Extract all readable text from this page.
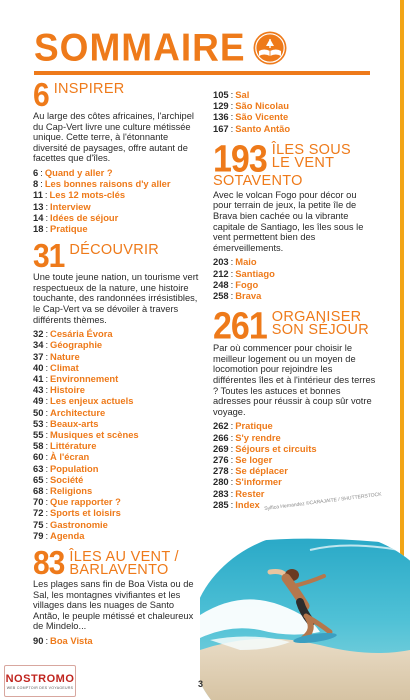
SOMMAIRE
6 INSPIRER
Au large des côtes africaines, l'archipel du Cap-Vert livre une culture métissée unique. Cette terre, à l'étonnante diversité de paysages, offre autant de facettes que d'îles.
6 : Quand y aller ?
8 : Les bonnes raisons d'y aller
11 : Les 12 mots-clés
13 : Interview
14 : Idées de séjour
18 : Pratique
31 DÉCOUVRIR
Une toute jeune nation, un tourisme vert respectueux de la nature, une histoire touchante, des randonnées irrésistibles, le Cap-Vert va se dévoiler à travers différents thèmes.
32 : Cesária Évora
34 : Géographie
37 : Nature
40 : Climat
41 : Environnement
43 : Histoire
49 : Les enjeux actuels
50 : Architecture
53 : Beaux-arts
55 : Musiques et scènes
58 : Littérature
60 : À l'écran
63 : Population
65 : Société
68 : Religions
70 : Que rapporter ?
72 : Sports et loisirs
75 : Gastronomie
79 : Agenda
83 ÎLES AU VENT /
BARLAVENTO
Les plages sans fin de Boa Vista ou de Sal, les montagnes vivifiantes et les villages dans les nuages de Santo Antão, le peuple métissé et chaleureux de Mindelo...
90 : Boa Vista
105 : Sal
129 : São Nicolau
136 : São Vicente
167 : Santo Antão
193 ÎLES SOUS
LE VENT
SOTAVENTO
Avec le volcan Fogo pour décor ou pour terrain de jeux, la petite île de Brava bien cachée ou la vibrante capitale de Santiago, les îles sous le vent permettent bien des émerveillements.
203 : Maio
212 : Santiago
248 : Fogo
258 : Brava
261 ORGANISER
SON SÉJOUR
Par où commencer pour choisir le meilleur logement ou un moyen de locomotion pour rejoindre les différentes îles et à l'intérieur des terres ? Toutes les astuces et bonnes adresses pour réussir à coup sûr votre voyage.
262 : Pratique
266 : S'y rendre
269 : Séjours et circuits
276 : Se loger
278 : Se déplacer
280 : S'informer
283 : Rester
285 : Index Sylfica Hernandez ©CARAJAITE / SHUTTERSTOCK
3
NOSTROMO
WEB COMPTOIR DES VOYAGEURS
